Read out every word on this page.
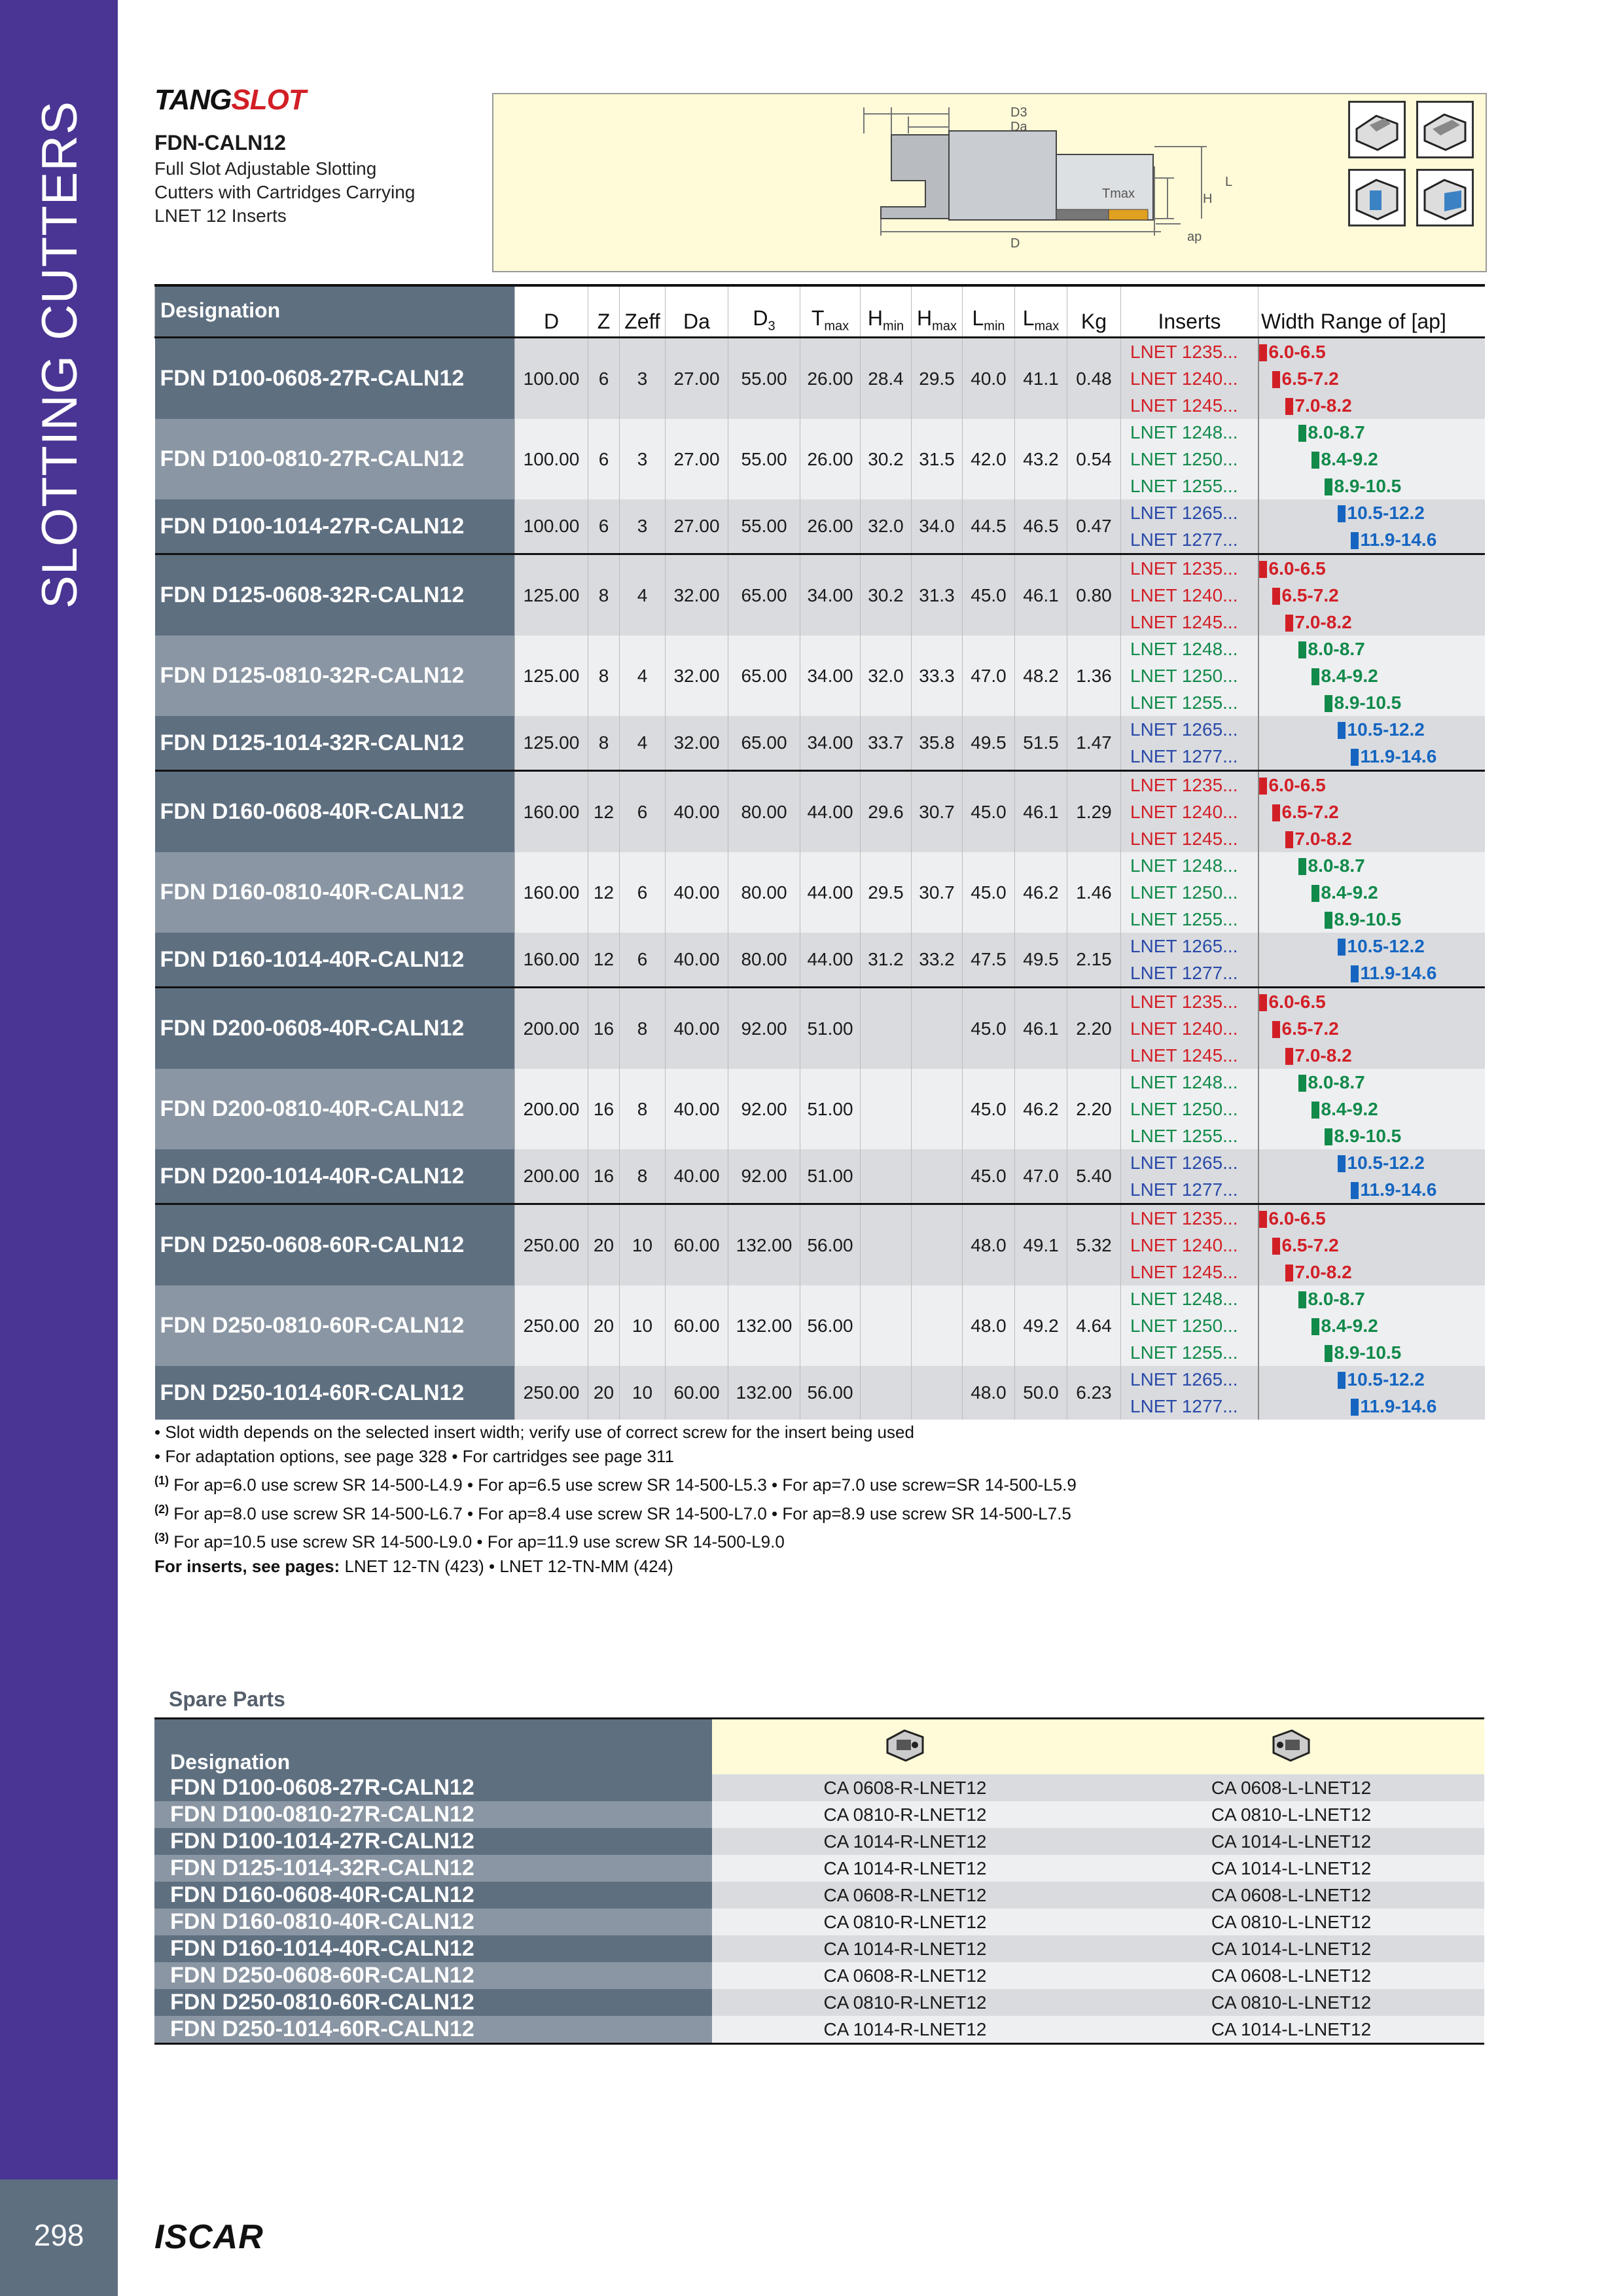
SLOTTING CUTTERS
298	ISCAR
TANGSLOT
FDN-CALN12
Full Slot Adjustable Slotting Cutters with Cartridges Carrying LNET 12 Inserts
D3
Da
Tmax	H
L
D	ap
Designation	D	Z	Zeff	Da	$D_3$	$T_{max}$	$H_{min}$	$H_{max}$	$L_{min}$	$L_{max}$	Kg	Inserts	Width Range of [ap]
FDN D100-0608-27R-CALN12	100.00	6	3	27.00	55.00	26.00	28.4	29.5	40.0	41.1	0.48	LNET 1235...	6.0-6.5
												LNET 1240...	6.5-7.2
												LNET 1245...	7.0-8.2
FDN D100-0810-27R-CALN12	100.00	6	3	27.00	55.00	26.00	30.2	31.5	42.0	43.2	0.54	LNET 1248...	8.0-8.7
												LNET 1250...	8.4-9.2
												LNET 1255...	8.9-10.5
FDN D100-1014-27R-CALN12	100.00	6	3	27.00	55.00	26.00	32.0	34.0	44.5	46.5	0.47	LNET 1265...	10.5-12.2
												LNET 1277...	11.9-14.6
FDN D125-0608-32R-CALN12	125.00	8	4	32.00	65.00	34.00	30.2	31.3	45.0	46.1	0.80	LNET 1235...	6.0-6.5
												LNET 1240...	6.5-7.2
												LNET 1245...	7.0-8.2
FDN D125-0810-32R-CALN12	125.00	8	4	32.00	65.00	34.00	32.0	33.3	47.0	48.2	1.36	LNET 1248...	8.0-8.7
												LNET 1250...	8.4-9.2
												LNET 1255...	8.9-10.5
FDN D125-1014-32R-CALN12	125.00	8	4	32.00	65.00	34.00	33.7	35.8	49.5	51.5	1.47	LNET 1265...	10.5-12.2
												LNET 1277...	11.9-14.6
FDN D160-0608-40R-CALN12	160.00	12	6	40.00	80.00	44.00	29.6	30.7	45.0	46.1	1.29	LNET 1235...	6.0-6.5
												LNET 1240...	6.5-7.2
												LNET 1245...	7.0-8.2
FDN D160-0810-40R-CALN12	160.00	12	6	40.00	80.00	44.00	29.5	30.7	45.0	46.2	1.46	LNET 1248...	8.0-8.7
												LNET 1250...	8.4-9.2
												LNET 1255...	8.9-10.5
FDN D160-1014-40R-CALN12	160.00	12	6	40.00	80.00	44.00	31.2	33.2	47.5	49.5	2.15	LNET 1265...	10.5-12.2
												LNET 1277...	11.9-14.6
FDN D200-0608-40R-CALN12	200.00	16	8	40.00	92.00	51.00			45.0	46.1	2.20	LNET 1235...	6.0-6.5
												LNET 1240...	6.5-7.2
												LNET 1245...	7.0-8.2
FDN D200-0810-40R-CALN12	200.00	16	8	40.00	92.00	51.00			45.0	46.2	2.20	LNET 1248...	8.0-8.7
												LNET 1250...	8.4-9.2
												LNET 1255...	8.9-10.5
FDN D200-1014-40R-CALN12	200.00	16	8	40.00	92.00	51.00			45.0	47.0	5.40	LNET 1265...	10.5-12.2
												LNET 1277...	11.9-14.6
FDN D250-0608-60R-CALN12	250.00	20	10	60.00	132.00	56.00			48.0	49.1	5.32	LNET 1235...	6.0-6.5
												LNET 1240...	6.5-7.2
												LNET 1245...	7.0-8.2
FDN D250-0810-60R-CALN12	250.00	20	10	60.00	132.00	56.00			48.0	49.2	4.64	LNET 1248...	8.0-8.7
												LNET 1250...	8.4-9.2
												LNET 1255...	8.9-10.5
FDN D250-1014-60R-CALN12	250.00	20	10	60.00	132.00	56.00			48.0	50.0	6.23	LNET 1265...	10.5-12.2
												LNET 1277...	11.9-14.6

• Slot width depends on the selected insert width; verify use of correct screw for the insert being used

• For adaptation options, see page 328 • For cartridges see page 311

$^{(1)}$ For ap=6.0 use screw SR 14-500-L4.9 • For ap=6.5 use screw SR 14-500-L5.3 • For ap=7.0 use screw=SR 14-500-L5.9

$^{(2)}$ For ap=8.0 use screw SR 14-500-L6.7 • For ap=8.4 use screw SR 14-500-L7.0 • For ap=8.9 use screw SR 14-500-L7.5

$^{(3)}$ For ap=10.5 use screw SR 14-500-L9.0 • For ap=11.9 use screw SR 14-500-L9.0

For inserts, see pages: LNET 12-TN (423) • LNET 12-TN-MM (424)

Spare Parts
Designation		
FDN D100-0608-27R-CALN12	CA 0608-R-LNET12	CA 0608-L-LNET12
FDN D100-0810-27R-CALN12	CA 0810-R-LNET12	CA 0810-L-LNET12
FDN D100-1014-27R-CALN12	CA 1014-R-LNET12	CA 1014-L-LNET12
FDN D125-1014-32R-CALN12	CA 1014-R-LNET12	CA 1014-L-LNET12
FDN D160-0608-40R-CALN12	CA 0608-R-LNET12	CA 0608-L-LNET12
FDN D160-0810-40R-CALN12	CA 0810-R-LNET12	CA 0810-L-LNET12
FDN D160-1014-40R-CALN12	CA 1014-R-LNET12	CA 1014-L-LNET12
FDN D250-0608-60R-CALN12	CA 0608-R-LNET12	CA 0608-L-LNET12
FDN D250-0810-60R-CALN12	CA 0810-R-LNET12	CA 0810-L-LNET12
FDN D250-1014-60R-CALN12	CA 1014-R-LNET12	CA 1014-L-LNET12
